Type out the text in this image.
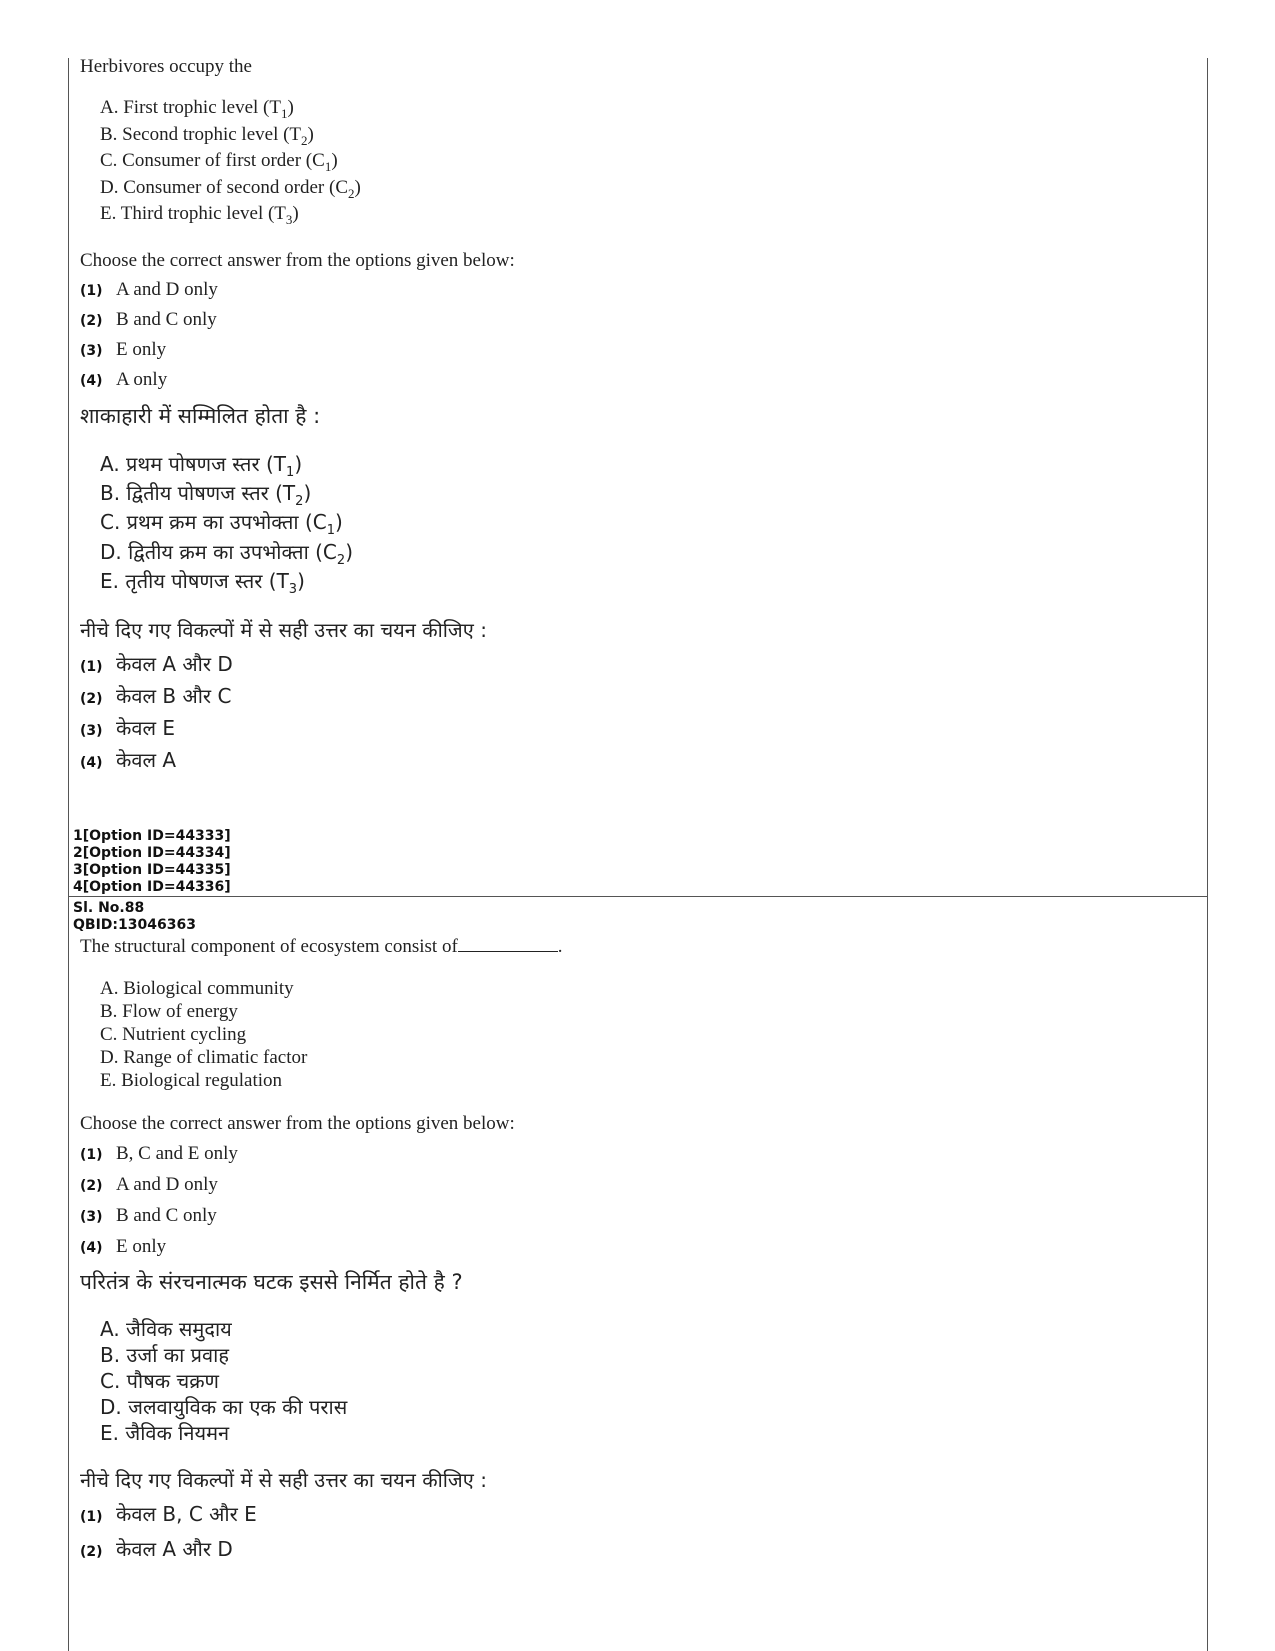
Herbivores occupy the
A. First trophic level $(T_1)$
B. Second trophic level $(T_2)$
C. Consumer of first order $(C_1)$
D. Consumer of second order $(C_2)$
E. Third trophic level $(T_3)$
Choose the correct answer from the options given below:
(1) A and D only
(2) B and C only
(3) E only
(4) A only
शाकाहारी में सम्मिलित होता है :
A. प्रथम पोषणज स्तर $(T_1)$
B. द्वितीय पोषणज स्तर $(T_2)$
C. प्रथम क्रम का उपभोक्ता $(C_1)$
D. द्वितीय क्रम का उपभोक्ता $(C_2)$
E. तृतीय पोषणज स्तर $(T_3)$
नीचे दिए गए विकल्पों में से सही उत्तर का चयन कीजिए :
(1) केवल A और D
(2) केवल B और C
(3) केवल E
(4) केवल A
1[Option ID=44333]
2[Option ID=44334]
3[Option ID=44335]
4[Option ID=44336]
Sl. No.88
QBID:13046363
The structural component of ecosystem consist of	.
A. Biological community
B. Flow of energy
C. Nutrient cycling
D. Range of climatic factor
E. Biological regulation
Choose the correct answer from the options given below:
(1) B, C and E only
(2) A and D only
(3) B and C only
(4) E only
परितंत्र के संरचनात्मक घटक इससे निर्मित होते है ?
A. जैविक समुदाय
B. उर्जा का प्रवाह
C. पौषक चक्रण
D. जलवायुविक का एक की परास
E. जैविक नियमन
नीचे दिए गए विकल्पों में से सही उत्तर का चयन कीजिए :
(1) केवल B, C और E
(2) केवल A और D
